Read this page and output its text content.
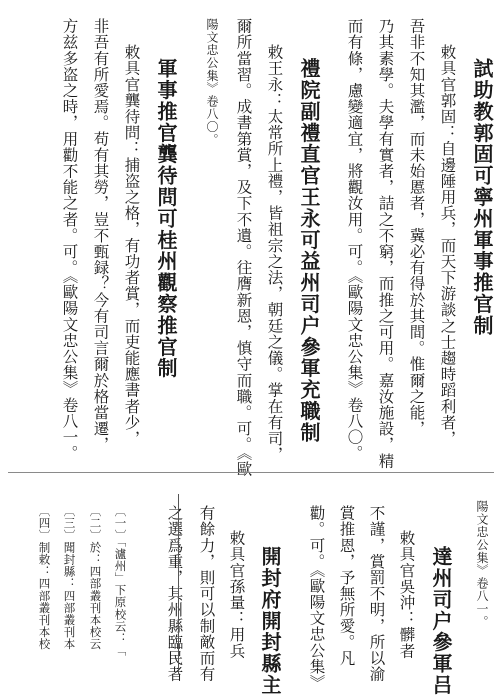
試助教郭固可寧州軍事推官制
敕具官郭固：自邊陲用兵，而天下游談之士趨時蹈利者，
吾非不知其濫，而未始慝者，冀必有得於其間。惟爾之能，
乃其素學。夫學有實者，詰之不窮，而推之可用。嘉汝施設，精
而有條，慮變適宜，將觀汝用。可。《歐陽文忠公集》卷八〇。
禮院副禮直官王永可益州司户參軍充職制
敕王永：太常所上禮，皆祖宗之法，朝廷之儀。掌在有司，
爾所當習。成書第賞，及下不遺。往膺新恩，慎守而職。可。《歐
陽文忠公集》卷八〇。
軍事推官龔待問可桂州觀察推官制
敕具官龔待問：捕盗之格，有功者賞，而吏能應書者少，
非吾有所愛焉。苟有其勞，豈不甄録？今有司言爾於格當遷，
方兹多盗之時，用勸不能之者。可。《歐陽文忠公集》卷八一。
陽文忠公集》卷八一。
達州司户參軍吕
敕具官吳沖：髒者
不謹，賞罰不明，所以渝
賞推恩，予無所愛。凡
勸。可。《歐陽文忠公集》
開封府開封縣主
敕具官孫量：用兵
有餘力，則可以制敵而有
之選爲重，其州縣臨民者
〔一〕「瀘州」下原校云：「
〔二〕於：四部叢刊本校云
〔三〕聞封縣：四部叢刊本
〔四〕制敕：四部叢刊本校
